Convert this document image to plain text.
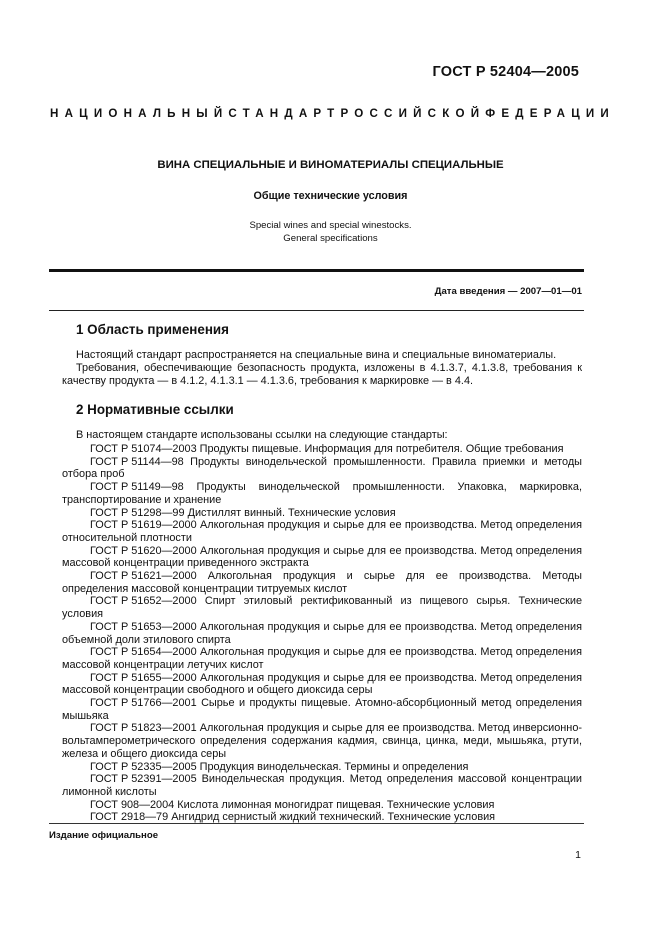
ГОСТ Р 52404—2005
НАЦИОНАЛЬНЫЙ СТАНДАРТ РОССИЙСКОЙ ФЕДЕРАЦИИ
ВИНА СПЕЦИАЛЬНЫЕ И ВИНОМАТЕРИАЛЫ СПЕЦИАЛЬНЫЕ
Общие технические условия
Special wines and special winestocks.
General specifications
Дата введения — 2007—01—01
1 Область применения
Настоящий стандарт распространяется на специальные вина и специальные виноматериалы.
Требования, обеспечивающие безопасность продукта, изложены в 4.1.3.7, 4.1.3.8, требования к качеству продукта — в 4.1.2, 4.1.3.1 — 4.1.3.6, требования к маркировке — в 4.4.
2 Нормативные ссылки
В настоящем стандарте использованы ссылки на следующие стандарты:

ГОСТ Р 51074—2003 Продукты пищевые. Информация для потребителя. Общие требования

ГОСТ Р 51144—98 Продукты винодельческой промышленности. Правила приемки и методы отбора проб

ГОСТ Р 51149—98 Продукты винодельческой промышленности. Упаковка, маркировка, транспортирование и хранение

ГОСТ Р 51298—99 Дистиллят винный. Технические условия

ГОСТ Р 51619—2000 Алкогольная продукция и сырье для ее производства. Метод определения относительной плотности

ГОСТ Р 51620—2000 Алкогольная продукция и сырье для ее производства. Метод определения массовой концентрации приведенного экстракта

ГОСТ Р 51621—2000 Алкогольная продукция и сырье для ее производства. Методы определения массовой концентрации титруемых кислот

ГОСТ Р 51652—2000 Спирт этиловый ректификованный из пищевого сырья. Технические условия

ГОСТ Р 51653—2000 Алкогольная продукция и сырье для ее производства. Метод определения объемной доли этилового спирта

ГОСТ Р 51654—2000 Алкогольная продукция и сырье для ее производства. Метод определения массовой концентрации летучих кислот

ГОСТ Р 51655—2000 Алкогольная продукция и сырье для ее производства. Метод определения массовой концентрации свободного и общего диоксида серы

ГОСТ Р 51766—2001 Сырье и продукты пищевые. Атомно-абсорбционный метод определения мышьяка

ГОСТ Р 51823—2001 Алкогольная продукция и сырье для ее производства. Метод инверсионно-вольтамперометрического определения содержания кадмия, свинца, цинка, меди, мышьяка, ртути, железа и общего диоксида серы

ГОСТ Р 52335—2005 Продукция винодельческая. Термины и определения

ГОСТ Р 52391—2005 Винодельческая продукция. Метод определения массовой концентрации лимонной кислоты

ГОСТ 908—2004 Кислота лимонная моногидрат пищевая. Технические условия

ГОСТ 2918—79 Ангидрид сернистый жидкий технический. Технические условия

Издание официальное
1
